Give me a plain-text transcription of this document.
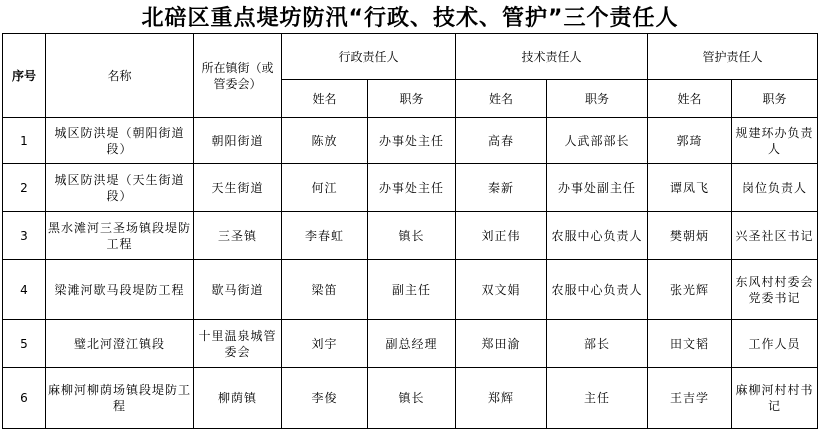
北碚区重点堤坊防汛“行政、技术、管护”三个责任人
序号	名称	所在镇街（或管委会）	行政责任人		技术责任人		管护责任人	
			姓名	职务	姓名	职务	姓名	职务
1	城区防洪堤（朝阳街道段）	朝阳街道	陈放	办事处主任	高春	人武部部长	郭琦	规建环办负责人
2	城区防洪堤（天生街道段）	天生街道	何江	办事处主任	秦新	办事处副主任	谭凤飞	岗位负责人
3	黑水滩河三圣场镇段堤防工程	三圣镇	李春虹	镇长	刘正伟	农服中心负责人	樊朝炳	兴圣社区书记
4	梁滩河歇马段堤防工程	歇马街道	梁笛	副主任	双文娟	农服中心负责人	张光辉	东风村村委会党委书记
5	璧北河澄江镇段	十里温泉城管委会	刘宇	副总经理	郑田渝	部长	田文韬	工作人员
6	麻柳河柳荫场镇段堤防工程	柳荫镇	李俊	镇长	郑辉	主任	王吉学	麻柳河村村书记
